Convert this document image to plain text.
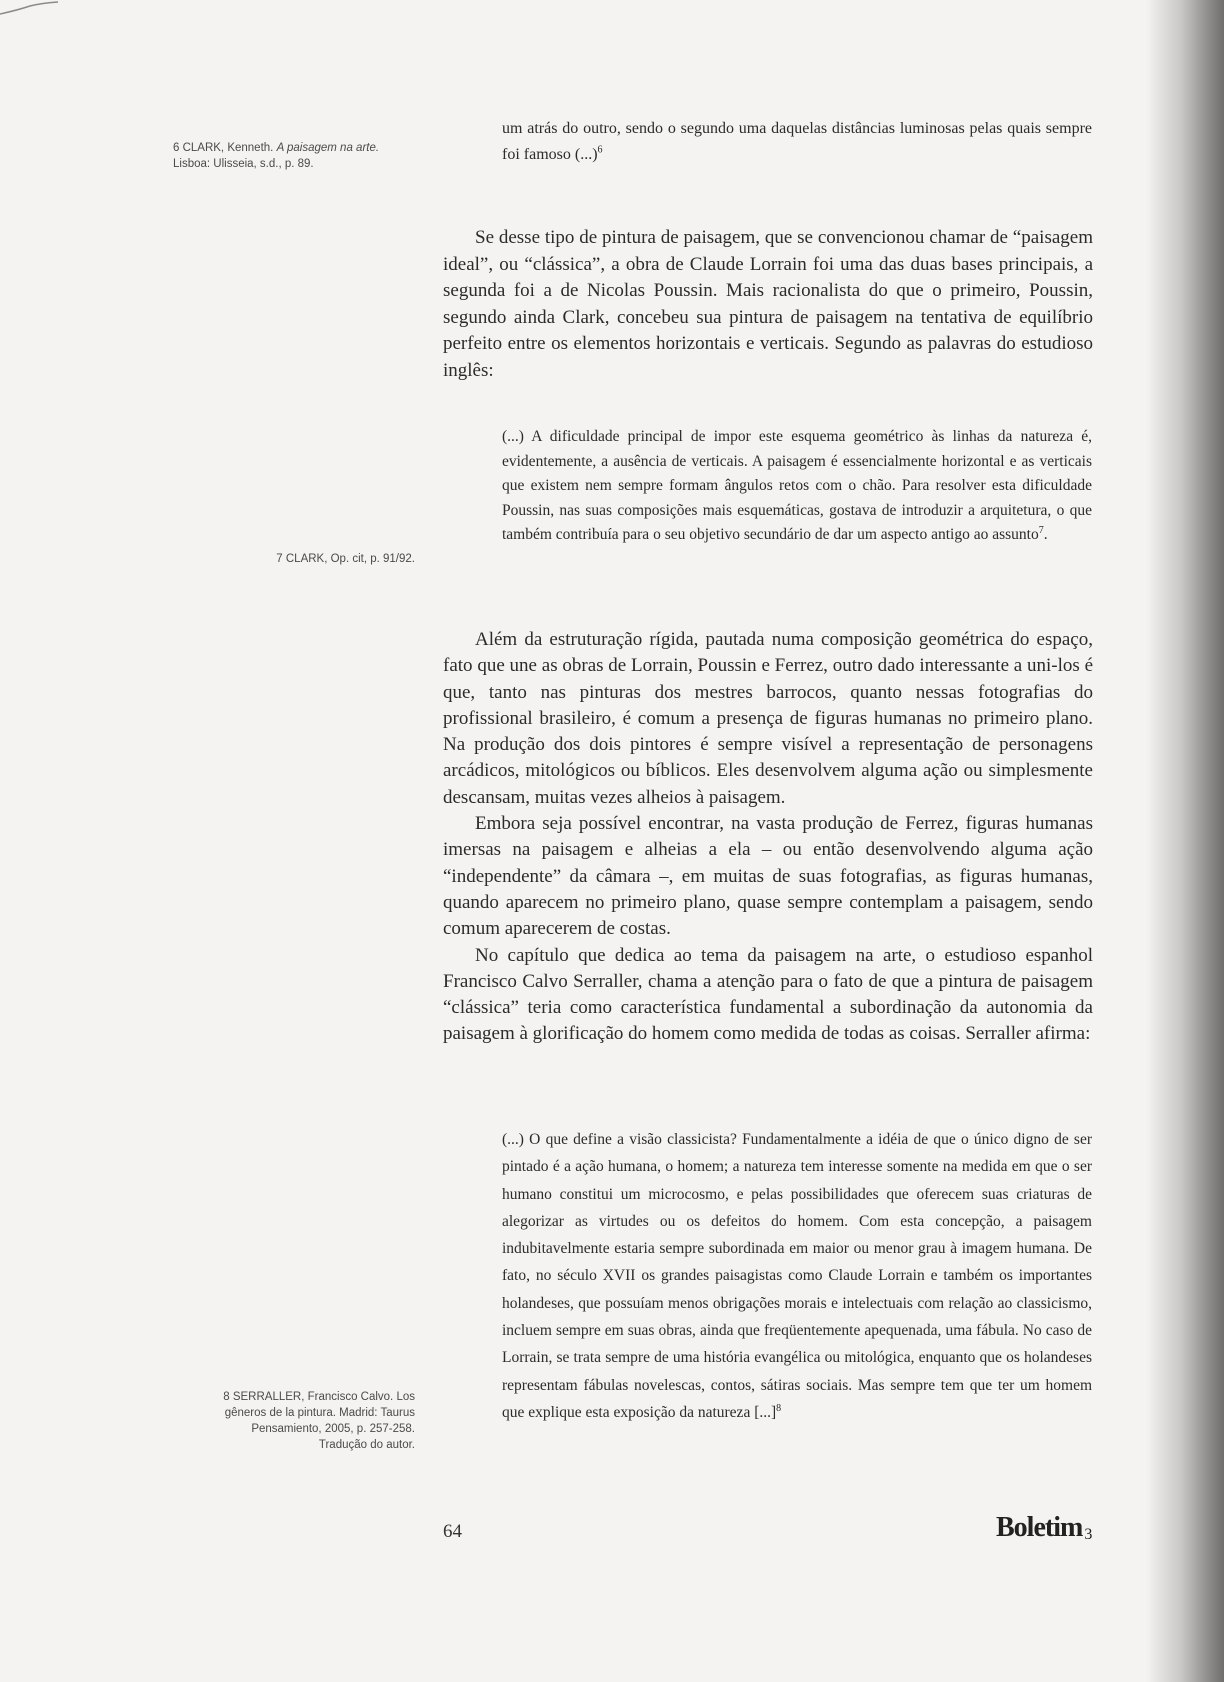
6 CLARK, Kenneth. A paisagem na arte.

Lisboa: Ulisseia, s.d., p. 89.

7 CLARK, Op. cit, p. 91/92.

8 SERRALLER, Francisco Calvo. Los

gêneros de la pintura. Madrid: Taurus

Pensamiento, 2005, p. 257-258.

Tradução do autor.

um atrás do outro, sendo o segundo uma daquelas distâncias luminosas pelas quais sempre foi famoso (...)$^6$

Se desse tipo de pintura de paisagem, que se convencionou chamar de “paisagem ideal”, ou “clássica”, a obra de Claude Lorrain foi uma das duas bases principais, a segunda foi a de Nicolas Poussin. Mais racionalista do que o primeiro, Poussin, segundo ainda Clark, concebeu sua pintura de paisagem na tentativa de equilíbrio perfeito entre os elementos horizontais e verticais. Segundo as palavras do estudioso inglês:

(...) A dificuldade principal de impor este esquema geométrico às linhas da natureza é, evidentemente, a ausência de verticais. A paisagem é essencialmente horizontal e as verticais que existem nem sempre formam ângulos retos com o chão. Para resolver esta dificuldade Poussin, nas suas composições mais esquemáticas, gostava de introduzir a arquitetura, o que também contribuía para o seu objetivo secundário de dar um aspecto antigo ao assunto$^7$.

Além da estruturação rígida, pautada numa composição geométrica do espaço, fato que une as obras de Lorrain, Poussin e Ferrez, outro dado interessante a uni-los é que, tanto nas pinturas dos mestres barrocos, quanto nessas fotografias do profissional brasileiro, é comum a presença de figuras humanas no primeiro plano. Na produção dos dois pintores é sempre visível a representação de personagens arcádicos, mitológicos ou bíblicos. Eles desenvolvem alguma ação ou simplesmente descansam, muitas vezes alheios à paisagem.

Embora seja possível encontrar, na vasta produção de Ferrez, figuras humanas imersas na paisagem e alheias a ela – ou então desenvolvendo alguma ação “independente” da câmara –, em muitas de suas fotografias, as figuras humanas, quando aparecem no primeiro plano, quase sempre contemplam a paisagem, sendo comum aparecerem de costas.

No capítulo que dedica ao tema da paisagem na arte, o estudioso espanhol Francisco Calvo Serraller, chama a atenção para o fato de que a pintura de paisagem “clássica” teria como característica fundamental a subordinação da autonomia da paisagem à glorificação do homem como medida de todas as coisas. Serraller afirma:

(...) O que define a visão classicista? Fundamentalmente a idéia de que o único digno de ser pintado é a ação humana, o homem; a natureza tem interesse somente na medida em que o ser humano constitui um microcosmo, e pelas possibilidades que oferecem suas criaturas de alegorizar as virtudes ou os defeitos do homem. Com esta concepção, a paisagem indubitavelmente estaria sempre subordinada em maior ou menor grau à imagem humana. De fato, no século XVII os grandes paisagistas como Claude Lorrain e também os importantes holandeses, que possuíam menos obrigações morais e intelectuais com relação ao classicismo, incluem sempre em suas obras, ainda que freqüentemente apequenada, uma fábula. No caso de Lorrain, se trata sempre de uma história evangélica ou mitológica, enquanto que os holandeses representam fábulas novelescas, contos, sátiras sociais. Mas sempre tem que ter um homem que explique esta exposição da natureza [...]$^8$

64	Boletim 3
